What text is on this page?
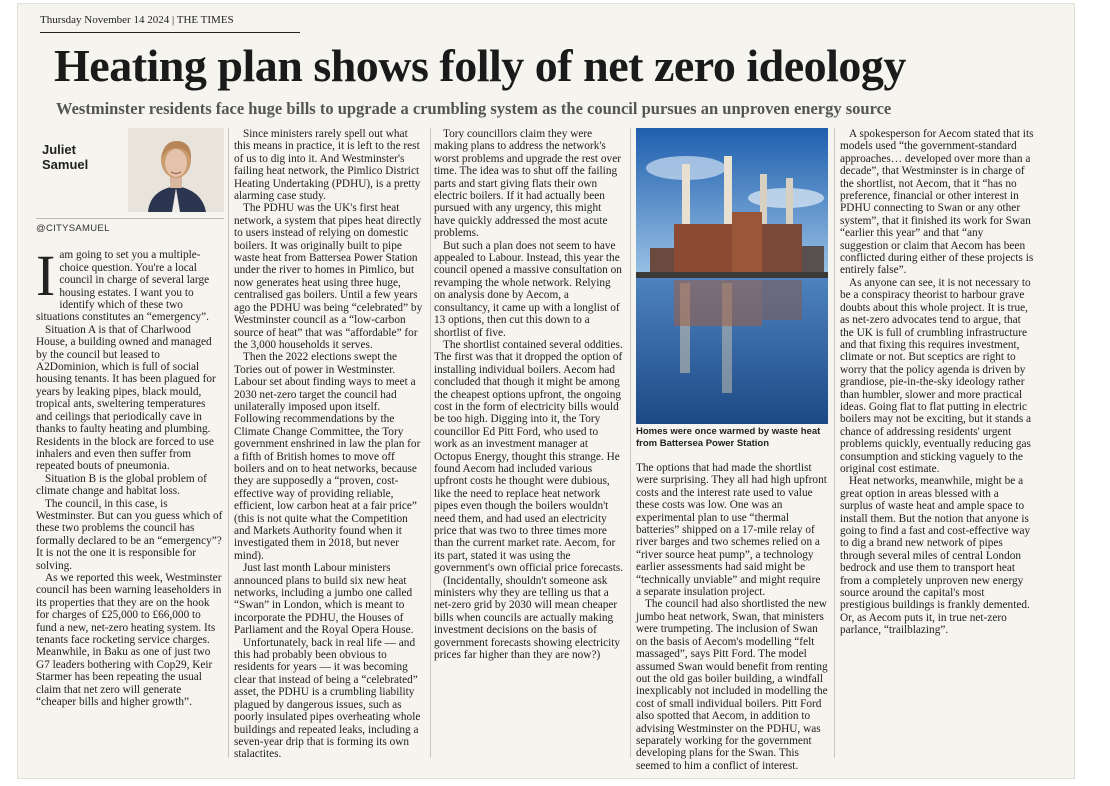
Thursday November 14 2024 | THE TIMES
Heating plan shows folly of net zero ideology
Westminster residents face huge bills to upgrade a crumbling system as the council pursues an unproven energy source
Juliet
Samuel
@CITYSAMUEL
I am going to set you a multiple-choice question. You're a local council in charge of several large housing estates. I want you to identify which of these two situations constitutes an “emergency”.

Situation A is that of Charlwood House, a building owned and managed by the council but leased to A2Dominion, which is full of social housing tenants. It has been plagued for years by leaking pipes, black mould, tropical ants, sweltering temperatures and ceilings that periodically cave in thanks to faulty heating and plumbing. Residents in the block are forced to use inhalers and even then suffer from repeated bouts of pneumonia.

Situation B is the global problem of climate change and habitat loss.

The council, in this case, is Westminster. But can you guess which of these two problems the council has formally declared to be an “emergency”? It is not the one it is responsible for solving.

As we reported this week, Westminster council has been warning leaseholders in its properties that they are on the hook for charges of £25,000 to £66,000 to fund a new, net-zero heating system. Its tenants face rocketing service charges. Meanwhile, in Baku as one of just two G7 leaders bothering with Cop29, Keir Starmer has been repeating the usual claim that net zero will generate “cheaper bills and higher growth”.

Since ministers rarely spell out what this means in practice, it is left to the rest of us to dig into it. And Westminster's failing heat network, the Pimlico District Heating Undertaking (PDHU), is a pretty alarming case study.

The PDHU was the UK's first heat network, a system that pipes heat directly to users instead of relying on domestic boilers. It was originally built to pipe waste heat from Battersea Power Station under the river to homes in Pimlico, but now generates heat using three huge, centralised gas boilers. Until a few years ago the PDHU was being “celebrated” by Westminster council as a “low-carbon source of heat” that was “affordable” for the 3,000 households it serves.

Then the 2022 elections swept the Tories out of power in Westminster. Labour set about finding ways to meet a 2030 net-zero target the council had unilaterally imposed upon itself. Following recommendations by the Climate Change Committee, the Tory government enshrined in law the plan for a fifth of British homes to move off boilers and on to heat networks, because they are supposedly a “proven, cost-effective way of providing reliable, efficient, low carbon heat at a fair price” (this is not quite what the Competition and Markets Authority found when it investigated them in 2018, but never mind).

Just last month Labour ministers announced plans to build six new heat networks, including a jumbo one called “Swan” in London, which is meant to incorporate the PDHU, the Houses of Parliament and the Royal Opera House.

Unfortunately, back in real life — and this had probably been obvious to residents for years — it was becoming clear that instead of being a “celebrated” asset, the PDHU is a crumbling liability plagued by dangerous issues, such as poorly insulated pipes overheating whole buildings and repeated leaks, including a seven-year drip that is forming its own stalactites.

Tory councillors claim they were making plans to address the network's worst problems and upgrade the rest over time. The idea was to shut off the failing parts and start giving flats their own electric boilers. If it had actually been pursued with any urgency, this might have quickly addressed the most acute problems.

But such a plan does not seem to have appealed to Labour. Instead, this year the council opened a massive consultation on revamping the whole network. Relying on analysis done by Aecom, a consultancy, it came up with a longlist of 13 options, then cut this down to a shortlist of five.

The shortlist contained several oddities. The first was that it dropped the option of installing individual boilers. Aecom had concluded that though it might be among the cheapest options upfront, the ongoing cost in the form of electricity bills would be too high. Digging into it, the Tory councillor Ed Pitt Ford, who used to work as an investment manager at Octopus Energy, thought this strange. He found Aecom had included various upfront costs he thought were dubious, like the need to replace heat network pipes even though the boilers wouldn't need them, and had used an electricity price that was two to three times more than the current market rate. Aecom, for its part, stated it was using the government's own official price forecasts.

(Incidentally, shouldn't someone ask ministers why they are telling us that a net-zero grid by 2030 will mean cheaper bills when councils are actually making investment decisions on the basis of government forecasts showing electricity prices far higher than they are now?)

Homes were once warmed by waste heat from Battersea Power Station

The options that had made the shortlist were surprising. They all had high upfront costs and the interest rate used to value these costs was low. One was an experimental plan to use “thermal batteries” shipped on a 17-mile relay of river barges and two schemes relied on a “river source heat pump”, a technology earlier assessments had said might be “technically unviable” and might require a separate insulation project.

The council had also shortlisted the new jumbo heat network, Swan, that ministers were trumpeting. The inclusion of Swan on the basis of Aecom's modelling “felt massaged”, says Pitt Ford. The model assumed Swan would benefit from renting out the old gas boiler building, a windfall inexplicably not included in modelling the cost of small individual boilers. Pitt Ford also spotted that Aecom, in addition to advising Westminster on the PDHU, was separately working for the government developing plans for the Swan. This seemed to him a conflict of interest.

A spokesperson for Aecom stated that its models used “the government-standard approaches… developed over more than a decade”, that Westminster is in charge of the shortlist, not Aecom, that it “has no preference, financial or other interest in PDHU connecting to Swan or any other system”, that it finished its work for Swan “earlier this year” and that “any suggestion or claim that Aecom has been conflicted during either of these projects is entirely false”.

As anyone can see, it is not necessary to be a conspiracy theorist to harbour grave doubts about this whole project. It is true, as net-zero advocates tend to argue, that the UK is full of crumbling infrastructure and that fixing this requires investment, climate or not. But sceptics are right to worry that the policy agenda is driven by grandiose, pie-in-the-sky ideology rather than humbler, slower and more practical ideas. Going flat to flat putting in electric boilers may not be exciting, but it stands a chance of addressing residents' urgent problems quickly, eventually reducing gas consumption and sticking vaguely to the original cost estimate.

Heat networks, meanwhile, might be a great option in areas blessed with a surplus of waste heat and ample space to install them. But the notion that anyone is going to find a fast and cost-effective way to dig a brand new network of pipes through several miles of central London bedrock and use them to transport heat from a completely unproven new energy source around the capital's most prestigious buildings is frankly demented. Or, as Aecom puts it, in true net-zero parlance, “trailblazing”.
